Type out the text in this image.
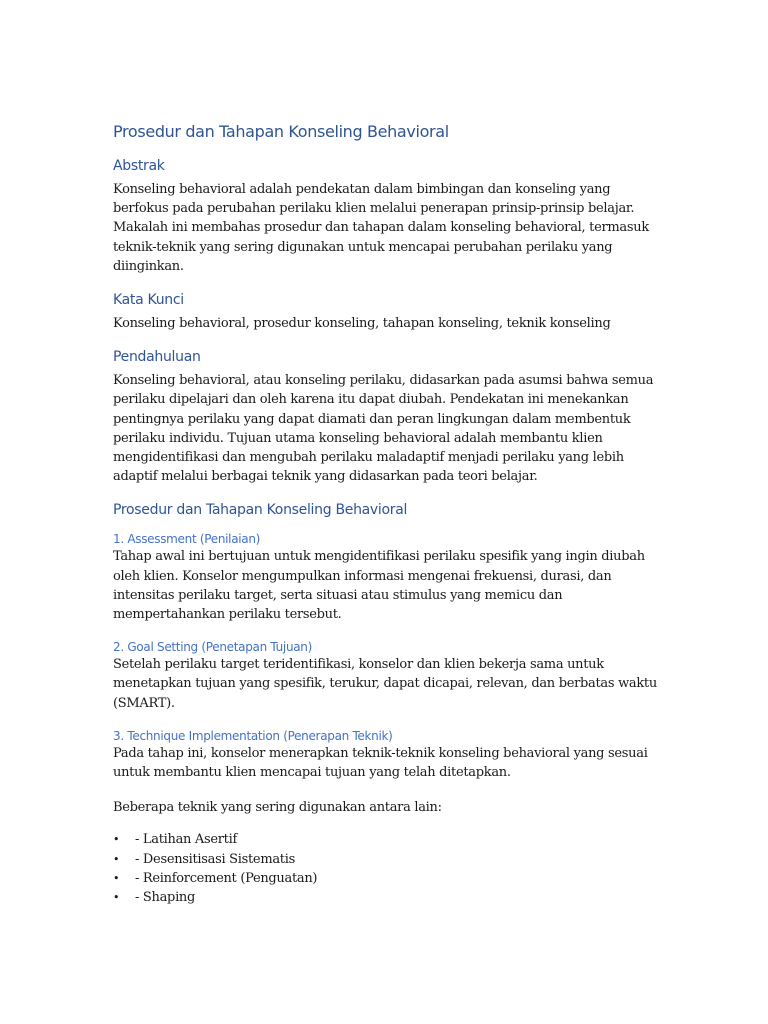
Prosedur dan Tahapan Konseling Behavioral
Abstrak

Konseling behavioral adalah pendekatan dalam bimbingan dan konseling yang berfokus pada perubahan perilaku klien melalui penerapan prinsip-prinsip belajar. Makalah ini membahas prosedur dan tahapan dalam konseling behavioral, termasuk teknik-teknik yang sering digunakan untuk mencapai perubahan perilaku yang diinginkan.

Kata Kunci

Konseling behavioral, prosedur konseling, tahapan konseling, teknik konseling

Pendahuluan

Konseling behavioral, atau konseling perilaku, didasarkan pada asumsi bahwa semua perilaku dipelajari dan oleh karena itu dapat diubah. Pendekatan ini menekankan pentingnya perilaku yang dapat diamati dan peran lingkungan dalam membentuk perilaku individu. Tujuan utama konseling behavioral adalah membantu klien mengidentifikasi dan mengubah perilaku maladaptif menjadi perilaku yang lebih adaptif melalui berbagai teknik yang didasarkan pada teori belajar.

Prosedur dan Tahapan Konseling Behavioral
1. Assessment (Penilaian)

Tahap awal ini bertujuan untuk mengidentifikasi perilaku spesifik yang ingin diubah oleh klien. Konselor mengumpulkan informasi mengenai frekuensi, durasi, dan intensitas perilaku target, serta situasi atau stimulus yang memicu dan mempertahankan perilaku tersebut.

2. Goal Setting (Penetapan Tujuan)

Setelah perilaku target teridentifikasi, konselor dan klien bekerja sama untuk menetapkan tujuan yang spesifik, terukur, dapat dicapai, relevan, dan berbatas waktu (SMART).

3. Technique Implementation (Penerapan Teknik)

Pada tahap ini, konselor menerapkan teknik-teknik konseling behavioral yang sesuai untuk membantu klien mencapai tujuan yang telah ditetapkan.

Beberapa teknik yang sering digunakan antara lain:

• - Latihan Asertif
• - Desensitisasi Sistematis
• - Reinforcement (Penguatan)
• - Shaping
